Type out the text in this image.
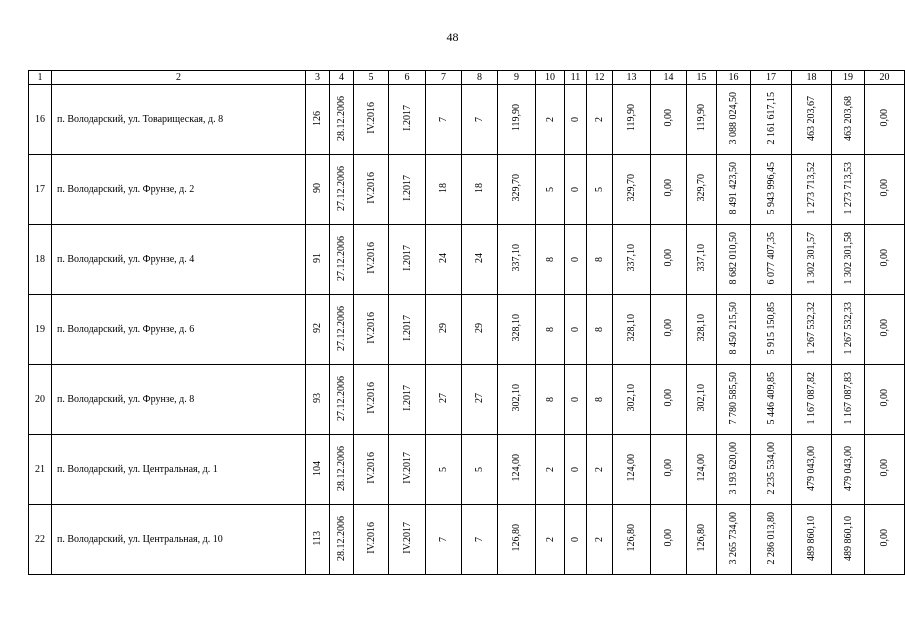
48
1	2	3	4	5	6	7	8	9	10	11	12	13	14	15	16	17	18	19	20
16	п. Володарский, ул. Товарищеская, д. 8	126	28.12.2006	IV.2016	I.2017	7	7	119,90	2	0	2	119,90	0,00	119,90	3 088 024,50	2 161 617,15	463 203,67	463 203,68	0,00
17	п. Володарский, ул. Фрунзе, д. 2	90	27.12.2006	IV.2016	I.2017	18	18	329,70	5	0	5	329,70	0,00	329,70	8 491 423,50	5 943 996,45	1 273 713,52	1 273 713,53	0,00
18	п. Володарский, ул. Фрунзе, д. 4	91	27.12.2006	IV.2016	I.2017	24	24	337,10	8	0	8	337,10	0,00	337,10	8 682 010,50	6 077 407,35	1 302 301,57	1 302 301,58	0,00
19	п. Володарский, ул. Фрунзе, д. 6	92	27.12.2006	IV.2016	I.2017	29	29	328,10	8	0	8	328,10	0,00	328,10	8 450 215,50	5 915 150,85	1 267 532,32	1 267 532,33	0,00
20	п. Володарский, ул. Фрунзе, д. 8	93	27.12.2006	IV.2016	I.2017	27	27	302,10	8	0	8	302,10	0,00	302,10	7 780 585,50	5 446 409,85	1 167 087,82	1 167 087,83	0,00
21	п. Володарский, ул. Центральная, д. 1	104	28.12.2006	IV.2016	IV.2017	5	5	124,00	2	0	2	124,00	0,00	124,00	3 193 620,00	2 235 534,00	479 043,00	479 043,00	0,00
22	п. Володарский, ул. Центральная, д. 10	113	28.12.2006	IV.2016	IV.2017	7	7	126,80	2	0	2	126,80	0,00	126,80	3 265 734,00	2 286 013,80	489 860,10	489 860,10	0,00
